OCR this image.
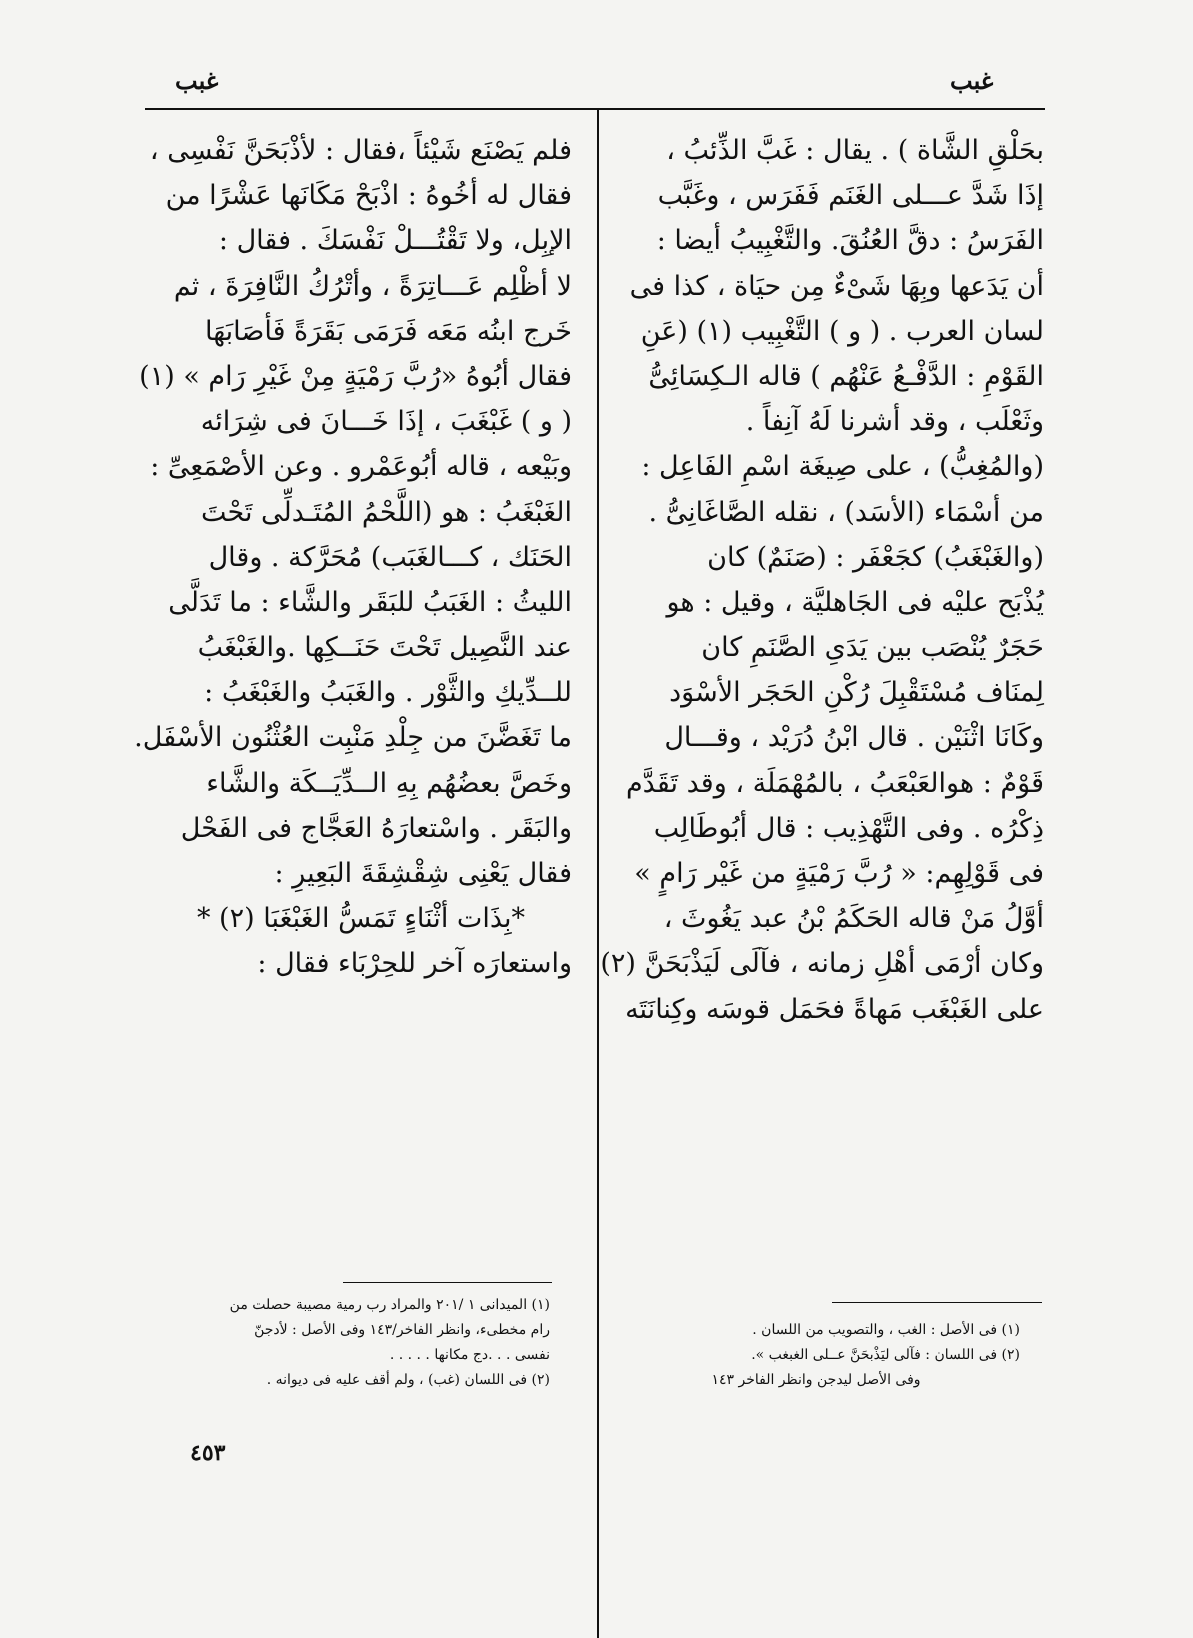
غبب
غبب
بحَلْقِ الشَّاة ) . يقال : غَبَّ الذِّئبُ ،
إذَا شَدَّ عـــلى الغَنَم فَفَرَس ، وغَبَّب
الفَرَسُ : دقَّ العُنُقَ. والتَّغْبِيبُ أيضا :
أن يَدَعها وبِهَا شَىْءٌ مِن حيَاة ، كذا فى
لسان العرب . ( و ) التَّغْبِيب (١) (عَنِ
القَوْمِ : الدَّفْـعُ عَنْهُم ) قاله الـكِسَائِىُّ
وثَعْلَب ، وقد أشرنا لَهُ آنِفاً .
(والمُغِبُّ) ، على صِيغَة اسْمِ الفَاعِل :
من أسْمَاء (الأسَد) ، نقله الصَّاغَانِىُّ .
(والغَبْغَبُ) كجَعْفَر : (صَنَمٌ) كان
يُذْبَح عليْه فى الجَاهليَّة ، وقيل : هو
حَجَرٌ يُنْصَب بين يَدَىِ الصَّنَمِ كان
لِمنَاف مُسْتَقْبِلَ رُكْنِ الحَجَر الأسْوَد
وكَانَا اثْنَيْن . قال ابْنُ دُرَيْد ، وقـــال
قَوْمٌ : هوالعَبْعَبُ ، بالمُهْمَلَة ، وقد تَقَدَّم
ذِكْرُه . وفى التَّهْذِيب : قال أبُوطَالِب
فى قَوْلِهِم: « رُبَّ رَمْيَةٍ من غَيْر رَامٍ »
أوَّلُ مَنْ قاله الحَكَمُ بْنُ عبد يَغُوثَ ،
وكان أرْمَى أهْلِ زمانه ، فآلَى لَيَذْبَحَنَّ (٢)
على الغَبْغَب مَهاةً فحَمَل قوسَه وكِنانَتَه
فلم يَصْنَع شَيْئاً ،فقال : لأذْبَحَنَّ نَفْسِى ،
فقال له أخُوهُ : اذْبَحْ مَكَانَها عَشْرًا من
الإبِل، ولا تَقْتُـــلْ نَفْسَكَ . فقال :
لا أظْلِم عَـــاتِرَةً ، وأتْرُكُ النَّافِرَةَ ، ثم
خَرج ابنُه مَعَه فَرَمَى بَقَرَةً فَأصَابَهَا
فقال أبُوهُ «رُبَّ رَمْيَةٍ مِنْ غَيْرِ رَام » (١)
( و ) غَبْغَبَ ، إذَا خَـــانَ فى شِرَائه
وبَيْعه ، قاله أبُوعَمْرو . وعن الأصْمَعِىِّ :
الغَبْغَبُ : هو (اللَّحْمُ المُتَـدلِّى تَحْتَ
الحَنَك ، كـــالغَبَب) مُحَرَّكة . وقال
الليثُ : الغَبَبُ للبَقَر والشَّاء : ما تَدَلَّى
عند النَّصِيل تَحْتَ حَنَــكِها .والغَبْغَبُ
للــدِّيكِ والثَّوْر . والغَبَبُ والغَبْغَبُ :
ما تَغَضَّنَ من جِلْدِ مَنْبِت العُثْنُون الأسْفَل.
وخَصَّ بعضُهُم بِهِ الــدِّيَــكَة والشَّاء
والبَقَر . واسْتعارَهُ العَجَّاج فى الفَحْل
فقال يَعْنِى شِقْشِقَةَ البَعِيرِ :
*بِذَات أثْنَاءٍ تَمَسُّ الغَبْغَبَا (٢) *
واستعارَه آخر للحِرْبَاء فقال :
(١) الميدانى ١ /٢٠١ والمراد رب رمية مصيبة حصلت من
رام مخطىء، وانظر الفاخر/١٤٣ وفى الأصل : لأدجنّ
نفسى . . .دج مكانها . . . . .
(٢) فى اللسان (غب) ، ولم أقف عليه فى ديوانه .
(١) فى الأصل : الغب ، والتصويب من اللسان .
(٢) فى اللسان : فآلى ليَذْبحَنَّ عــلى الغبغب ».
وفى الأصل ليدجن وانظر الفاخر ١٤٣
٤٥٣
